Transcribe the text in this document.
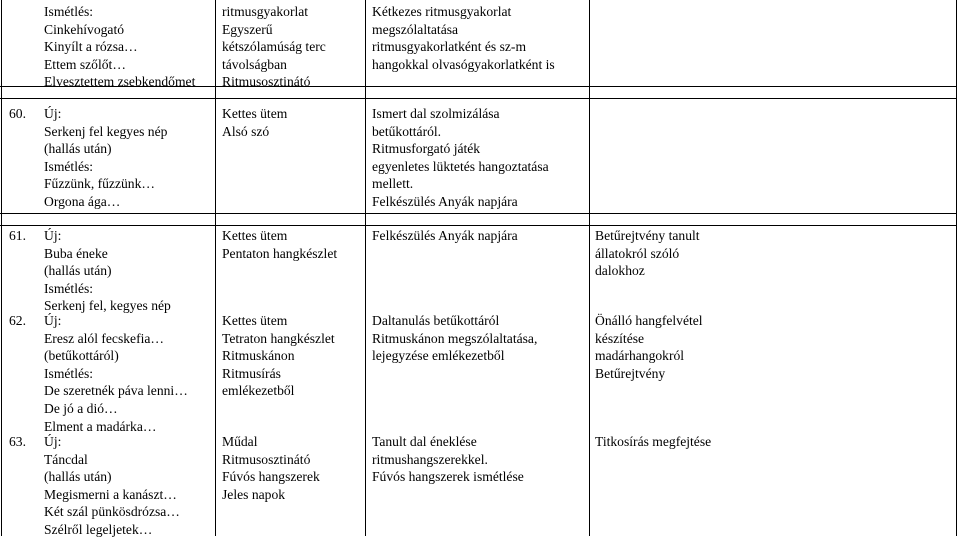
Ismétlés:
Cinkehívogató
Kinyílt a rózsa…
Ettem szőlőt…
Elvesztettem zsebkendőmet
ritmusgyakorlat
Egyszerű
kétszólamúság terc
távolságban
Ritmusosztinátó
Kétkezes ritmusgyakorlat
megszólaltatása
ritmusgyakorlatként és sz-m
hangokkal olvasógyakorlatként is
60. Új:
Serkenj fel kegyes nép
(hallás után)
Ismétlés:
Fűzzünk, fűzzünk…
Orgona ága…
Kettes ütem
Alsó szó
Ismert dal szolmizálása
betűkottáról.
Ritmusforgató játék
egyenletes lüktetés hangoztatása
mellett.
Felkészülés Anyák napjára
61. Új:
Buba éneke
(hallás után)
Ismétlés:
Serkenj fel, kegyes nép
Kettes ütem
Pentaton hangkészlet
Felkészülés Anyák napjára	Betűrejtvény tanult
állatokról szóló
dalokhoz
62. Új:
Eresz alól fecskefia…
(betűkottáról)
Ismétlés:
De szeretnék páva lenni…
De jó a dió…
Elment a madárka…
Kettes ütem
Tetraton hangkészlet
Ritmuskánon
Ritmusírás
emlékezetből
Daltanulás betűkottáról
Ritmuskánon megszólaltatása,
lejegyzése emlékezetből
Önálló hangfelvétel
készítése
madárhangokról
Betűrejtvény
63. Új:
Táncdal
(hallás után)
Megismerni a kanászt…
Két szál pünkösdrózsa…
Szélről legeljetek…
Műdal
Ritmusosztinátó
Fúvós hangszerek
Jeles napok
Tanult dal éneklése
ritmushangszerekkel.
Fúvós hangszerek ismétlése
Titkosírás megfejtése
